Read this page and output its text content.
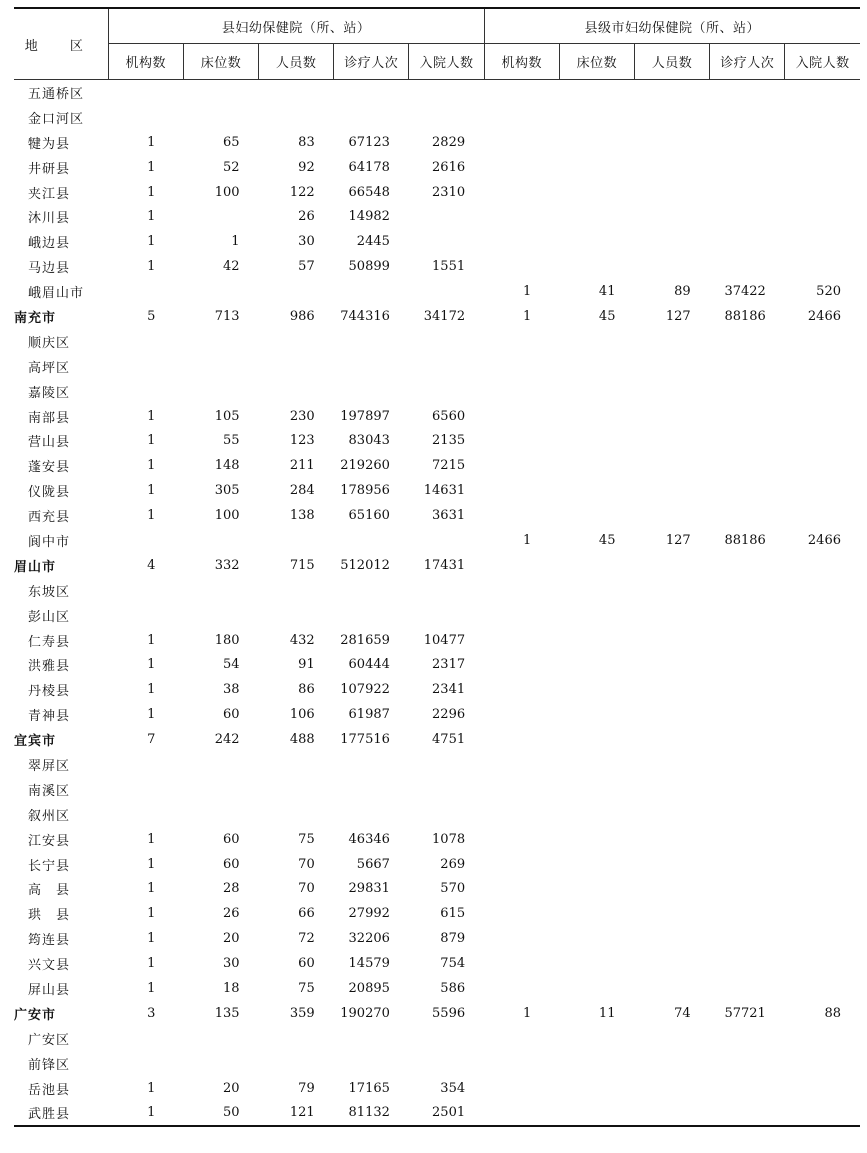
地 区	县妇幼保健院（所、站）					县级市妇幼保健院（所、站）				
	机构数	床位数	人员数	诊疗人次	入院人数	机构数	床位数	人员数	诊疗人次	入院人数
五通桥区										
金口河区										
犍为县	1	65	83	67123	2829					
井研县	1	52	92	64178	2616					
夹江县	1	100	122	66548	2310					
沐川县	1		26	14982						
峨边县	1	1	30	2445						
马边县	1	42	57	50899	1551					
峨眉山市						1	41	89	37422	520
南充市	5	713	986	744316	34172	1	45	127	88186	2466
顺庆区										
高坪区										
嘉陵区										
南部县	1	105	230	197897	6560					
营山县	1	55	123	83043	2135					
蓬安县	1	148	211	219260	7215					
仪陇县	1	305	284	178956	14631					
西充县	1	100	138	65160	3631					
阆中市						1	45	127	88186	2466
眉山市	4	332	715	512012	17431					
东坡区										
彭山区										
仁寿县	1	180	432	281659	10477					
洪雅县	1	54	91	60444	2317					
丹棱县	1	38	86	107922	2341					
青神县	1	60	106	61987	2296					
宜宾市	7	242	488	177516	4751					
翠屏区										
南溪区										
叙州区										
江安县	1	60	75	46346	1078					
长宁县	1	60	70	5667	269					
高　县	1	28	70	29831	570					
珙　县	1	26	66	27992	615					
筠连县	1	20	72	32206	879					
兴文县	1	30	60	14579	754					
屏山县	1	18	75	20895	586					
广安市	3	135	359	190270	5596	1	11	74	57721	88
广安区										
前锋区										
岳池县	1	20	79	17165	354					
武胜县	1	50	121	81132	2501					
